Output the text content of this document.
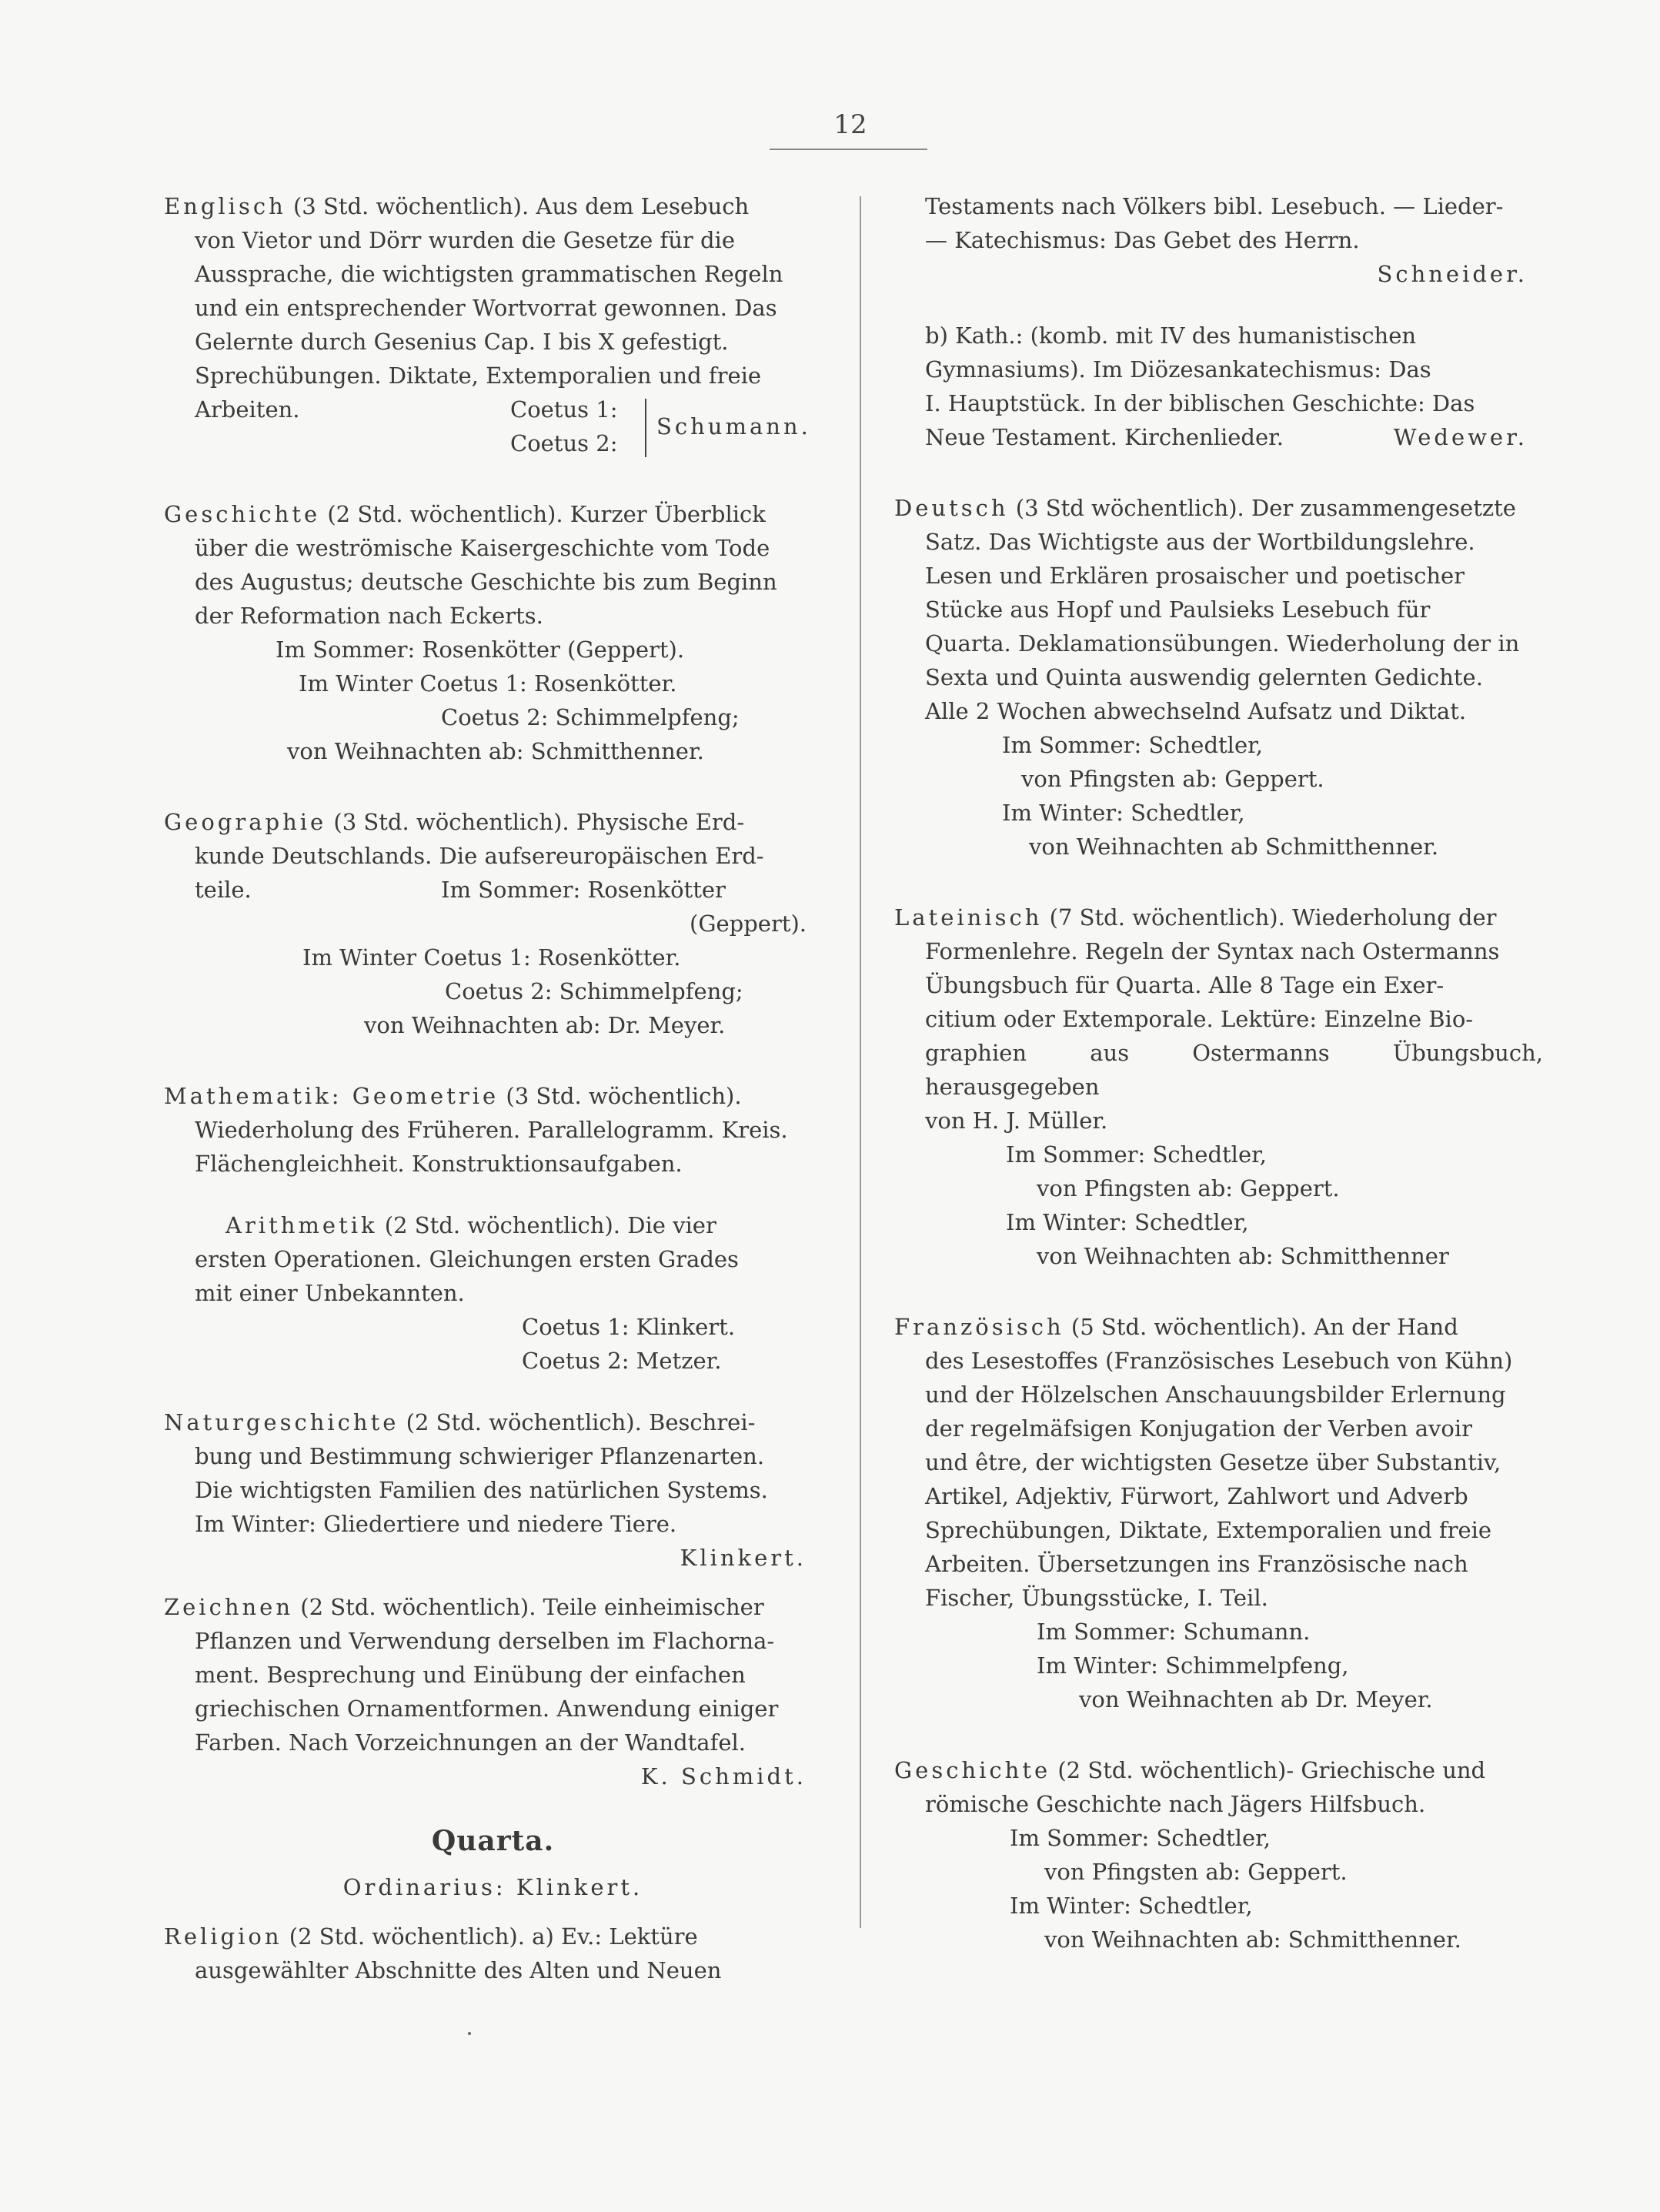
12

Englisch (3 Std. wöchentlich). Aus dem Lesebuch

von Vietor und Dörr wurden die Gesetze für die

Aussprache, die wichtigsten grammatischen Regeln

und ein entsprechender Wortvorrat gewonnen. Das

Gelernte durch Gesenius Cap. I bis X gefestigt.

Sprechübungen. Diktate, Extemporalien und freie

Arbeiten.	Coetus 1:
Coetus 2:
Schumann.

Geschichte (2 Std. wöchentlich). Kurzer Überblick

über die weströmische Kaisergeschichte vom Tode

des Augustus; deutsche Geschichte bis zum Beginn

der Reformation nach Eckerts.

Im Sommer: Rosenkötter (Geppert).

Im Winter Coetus 1: Rosenkötter.

Coetus 2: Schimmelpfeng;

von Weihnachten ab: Schmitthenner.

Geographie (3 Std. wöchentlich). Physische Erd-

kunde Deutschlands. Die aufsereuropäischen Erd-

teile.	Im Sommer: Rosenkötter

(Geppert).

Im Winter Coetus 1: Rosenkötter.

Coetus 2: Schimmelpfeng;

von Weihnachten ab: Dr. Meyer.

Mathematik: Geometrie (3 Std. wöchentlich).

Wiederholung des Früheren. Parallelogramm. Kreis.

Flächengleichheit. Konstruktionsaufgaben.

Arithmetik (2 Std. wöchentlich). Die vier

ersten Operationen. Gleichungen ersten Grades

mit einer Unbekannten.

Coetus 1: Klinkert.

Coetus 2: Metzer.

Naturgeschichte (2 Std. wöchentlich). Beschrei-

bung und Bestimmung schwieriger Pflanzenarten.

Die wichtigsten Familien des natürlichen Systems.

Im Winter: Gliedertiere und niedere Tiere.

Klinkert.

Zeichnen (2 Std. wöchentlich). Teile einheimischer

Pflanzen und Verwendung derselben im Flachorna-

ment. Besprechung und Einübung der einfachen

griechischen Ornamentformen. Anwendung einiger

Farben. Nach Vorzeichnungen an der Wandtafel.

K. Schmidt.

Quarta.

Ordinarius: Klinkert.

Religion (2 Std. wöchentlich). a) Ev.: Lektüre

ausgewählter Abschnitte des Alten und Neuen

Testaments nach Völkers bibl. Lesebuch. — Lieder-

— Katechismus: Das Gebet des Herrn.

Schneider.

b) Kath.: (komb. mit IV des humanistischen

Gymnasiums). Im Diözesankatechismus: Das

I. Hauptstück. In der biblischen Geschichte: Das

Neue Testament. Kirchenlieder.	Wedewer.

Deutsch (3 Std wöchentlich). Der zusammengesetzte

Satz. Das Wichtigste aus der Wortbildungslehre.

Lesen und Erklären prosaischer und poetischer

Stücke aus Hopf und Paulsieks Lesebuch für

Quarta. Deklamationsübungen. Wiederholung der in

Sexta und Quinta auswendig gelernten Gedichte.

Alle 2 Wochen abwechselnd Aufsatz und Diktat.

Im Sommer: Schedtler,

von Pfingsten ab: Geppert.

Im Winter: Schedtler,

von Weihnachten ab Schmitthenner.

Lateinisch (7 Std. wöchentlich). Wiederholung der

Formenlehre. Regeln der Syntax nach Ostermanns

Übungsbuch für Quarta. Alle 8 Tage ein Exer-

citium oder Extemporale. Lektüre: Einzelne Bio-

graphien aus Ostermanns Übungsbuch, herausgegeben

von H. J. Müller.

Im Sommer: Schedtler,

von Pfingsten ab: Geppert.

Im Winter: Schedtler,

von Weihnachten ab: Schmitthenner

Französisch (5 Std. wöchentlich). An der Hand

des Lesestoffes (Französisches Lesebuch von Kühn)

und der Hölzelschen Anschauungsbilder Erlernung

der regelmäfsigen Konjugation der Verben avoir

und être, der wichtigsten Gesetze über Substantiv,

Artikel, Adjektiv, Fürwort, Zahlwort und Adverb

Sprechübungen, Diktate, Extemporalien und freie

Arbeiten. Übersetzungen ins Französische nach

Fischer, Übungsstücke, I. Teil.

Im Sommer: Schumann.

Im Winter: Schimmelpfeng,

von Weihnachten ab Dr. Meyer.

Geschichte (2 Std. wöchentlich)- Griechische und

römische Geschichte nach Jägers Hilfsbuch.

Im Sommer: Schedtler,

von Pfingsten ab: Geppert.

Im Winter: Schedtler,

von Weihnachten ab: Schmitthenner.
